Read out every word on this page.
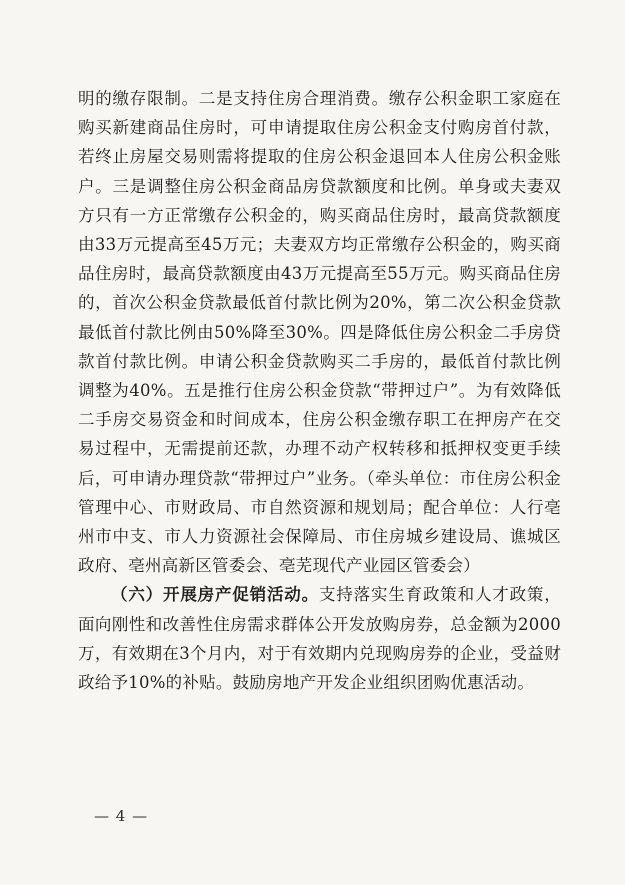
明的缴存限制。二是支持住房合理消费。缴存公积金职工家庭在购买新建商品住房时，可申请提取住房公积金支付购房首付款，若终止房屋交易则需将提取的住房公积金退回本人住房公积金账户。三是调整住房公积金商品房贷款额度和比例。单身或夫妻双方只有一方正常缴存公积金的，购买商品住房时，最高贷款额度由33万元提高至45万元；夫妻双方均正常缴存公积金的，购买商品住房时，最高贷款额度由43万元提高至55万元。购买商品住房的，首次公积金贷款最低首付款比例为20%，第二次公积金贷款最低首付款比例由50%降至30%。四是降低住房公积金二手房贷款首付款比例。申请公积金贷款购买二手房的，最低首付款比例调整为40%。五是推行住房公积金贷款“带押过户”。为有效降低二手房交易资金和时间成本，住房公积金缴存职工在押房产在交易过程中，无需提前还款，办理不动产权转移和抵押权变更手续后，可申请办理贷款“带押过户”业务。（牵头单位：市住房公积金管理中心、市财政局、市自然资源和规划局；配合单位：人行亳州市中支、市人力资源社会保障局、市住房城乡建设局、谯城区政府、亳州高新区管委会、亳芜现代产业园区管委会）

（六）开展房产促销活动。支持落实生育政策和人才政策，面向刚性和改善性住房需求群体公开发放购房券，总金额为2000万，有效期在3个月内，对于有效期内兑现购房券的企业，受益财政给予10%的补贴。鼓励房地产开发企业组织团购优惠活动。

— 4 —
